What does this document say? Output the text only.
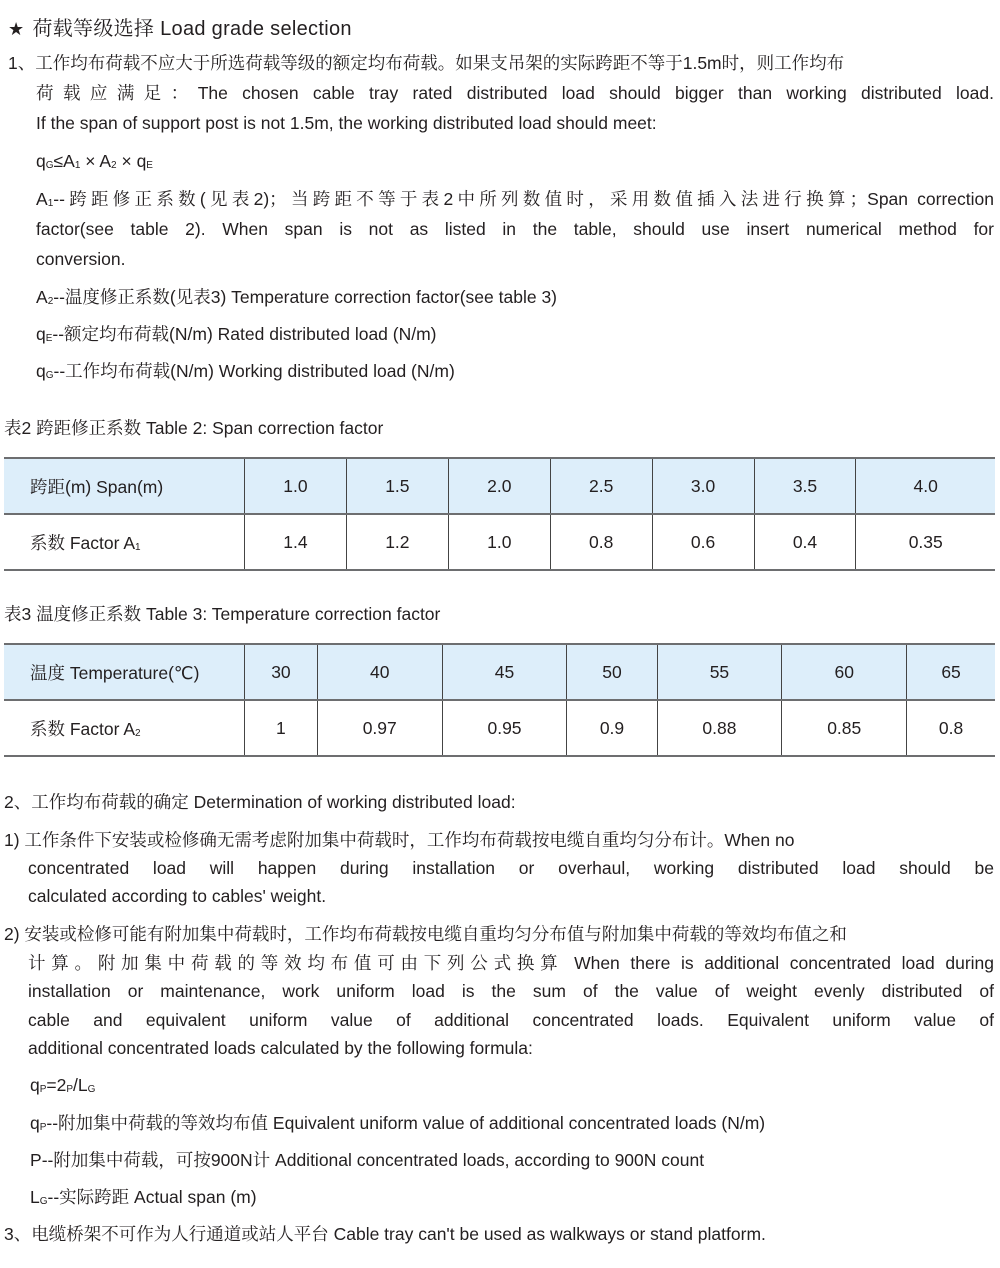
★ 荷载等级选择 Load grade selection
1、工作均布荷载不应大于所选荷载等级的额定均布荷载。如果支吊架的实际跨距不等于1.5m时，则工作均布
荷载应满足：The chosen cable tray rated distributed load should bigger than working distributed load.
If the span of support post is not 1.5m, the working distributed load should meet:
qG≤A1 × A2 × qE
A1--跨距修正系数(见表2)；当跨距不等于表2中所列数值时，采用数值插入法进行换算；Span correction
factor(see table 2). When span is not as listed in the table, should use insert numerical method for
conversion.
A2--温度修正系数(见表3) Temperature correction factor(see table 3)
qE--额定均布荷载(N/m) Rated distributed load (N/m)
qG--工作均布荷载(N/m) Working distributed load (N/m)
表2 跨距修正系数 Table 2: Span correction factor
跨距(m) Span(m)	1.0	1.5	2.0	2.5	3.0	3.5	4.0
系数 Factor A1	1.4	1.2	1.0	0.8	0.6	0.4	0.35
表3 温度修正系数 Table 3: Temperature correction factor
温度 Temperature(℃)	30	40	45	50	55	60	65
系数 Factor A2	1	0.97	0.95	0.9	0.88	0.85	0.8
2、工作均布荷载的确定 Determination of working distributed load:
1) 工作条件下安装或检修确无需考虑附加集中荷载时，工作均布荷载按电缆自重均匀分布计。When no
concentrated load will happen during installation or overhaul, working distributed load should be
calculated according to cables' weight.
2) 安装或检修可能有附加集中荷载时，工作均布荷载按电缆自重均匀分布值与附加集中荷载的等效均布值之和
计算。附加集中荷载的等效均布值可由下列公式换算 When there is additional concentrated load during
installation or maintenance, work uniform load is the sum of the value of weight evenly distributed of
cable and equivalent uniform value of additional concentrated loads. Equivalent uniform value of
additional concentrated loads calculated by the following formula:
qP=2P/LG
qP--附加集中荷载的等效均布值 Equivalent uniform value of additional concentrated loads (N/m)
P--附加集中荷载，可按900N计 Additional concentrated loads, according to 900N count
LG--实际跨距 Actual span (m)
3、电缆桥架不可作为人行通道或站人平台 Cable tray can't be used as walkways or stand platform.
